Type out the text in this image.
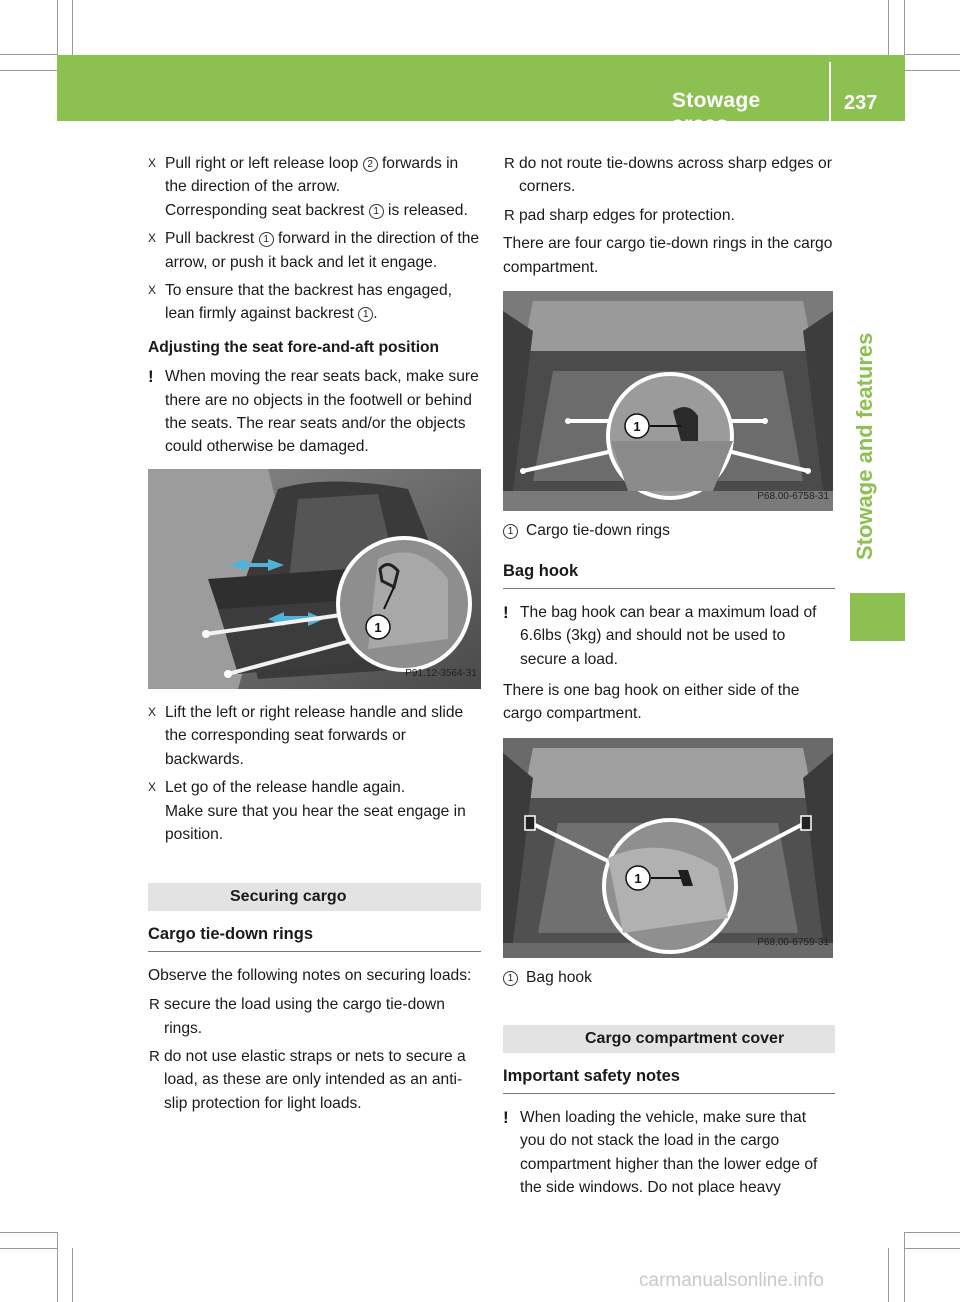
Stowage areas
237
Stowage and features
X Pull right or left release loop 2 forwards in the direction of the arrow.

Corresponding seat backrest 1 is released.

X Pull backrest 1 forward in the direction of the arrow, or push it back and let it engage.

X To ensure that the backrest has engaged, lean firmly against backrest 1 .

Adjusting the seat fore-and-aft position
! When moving the rear seats back, make sure there are no objects in the footwell or behind the seats. The rear seats and/or the objects could otherwise be damaged.
1
P91.12-3564-31
X Lift the left or right release handle and slide the corresponding seat forwards or backwards.

X Let go of the release handle again.

Make sure that you hear the seat engage in position.

Securing cargo
Cargo tie-down rings
Observe the following notes on securing loads:
R secure the load using the cargo tie-down rings.
R do not use elastic straps or nets to secure a load, as these are only intended as an anti-slip protection for light loads.
R do not route tie-downs across sharp edges or corners.
R pad sharp edges for protection.
There are four cargo tie-down rings in the cargo compartment.
1
P68.00-6758-31
1 Cargo tie-down rings
Bag hook
! The bag hook can bear a maximum load of 6.6lbs (3kg) and should not be used to secure a load.
There is one bag hook on either side of the cargo compartment.
1
P68.00-6759-31
1 Bag hook
Cargo compartment cover
Important safety notes
! When loading the vehicle, make sure that you do not stack the load in the cargo compartment higher than the lower edge of the side windows. Do not place heavy
carmanualsonline.info
